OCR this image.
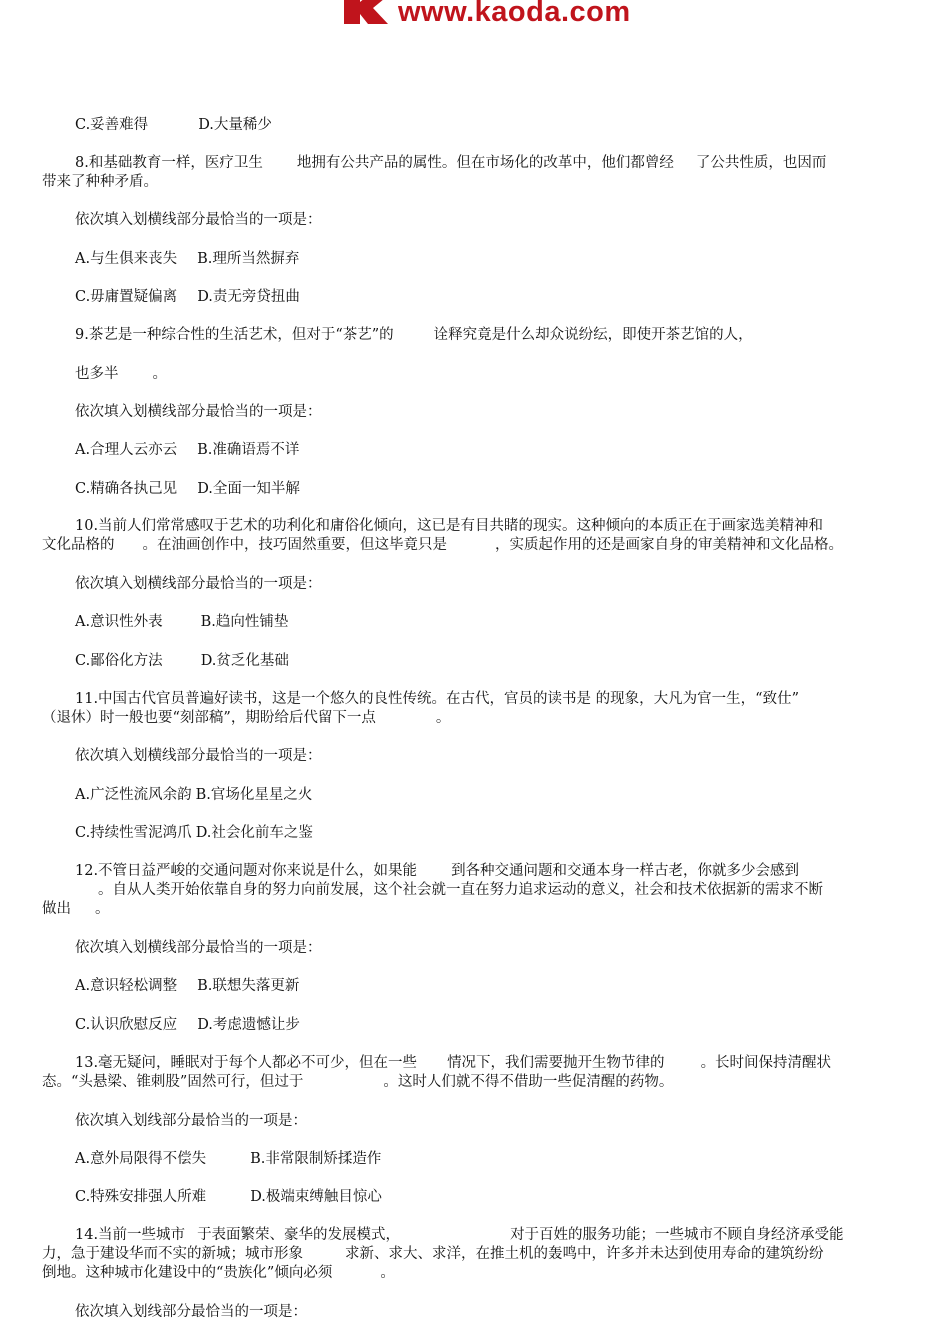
www.kaoda.com
C.妥善难得	D.大量稀少
8.和基础教育一样，医疗卫生 地拥有公共产品的属性。但在市场化的改革中，他们都曾经 了公共性质，也因而
带来了种种矛盾。
依次填入划横线部分最恰当的一项是：
A.与生俱来丧失 B.理所当然摒弃
C.毋庸置疑偏离 D.责无旁贷扭曲
9.茶艺是一种综合性的生活艺术，但对于“茶艺”的	诠释究竟是什么却众说纷纭，即使开茶艺馆的人，
也多半 。
依次填入划横线部分最恰当的一项是：
A.合理人云亦云 B.准确语焉不详
C.精确各执己见 D.全面一知半解
10.当前人们常常感叹于艺术的功利化和庸俗化倾向，这已是有目共睹的现实。这种倾向的本质正在于画家选美精神和
文化品格的 。在油画创作中，技巧固然重要，但这毕竟只是	，实质起作用的还是画家自身的审美精神和文化品格。
依次填入划横线部分最恰当的一项是：
A.意识性外表	B.趋向性铺垫
C.鄙俗化方法	D.贫乏化基础
11.中国古代官员普遍好读书，这是一个悠久的良性传统。在古代，官员的读书是 的现象，大凡为官一生，“致仕”
（退休）时一般也要“刻部稿”，期盼给后代留下一点	。
依次填入划横线部分最恰当的一项是：
A.广泛性流风余韵 B.官场化星星之火
C.持续性雪泥鸿爪 D.社会化前车之鉴
12.不管日益严峻的交通问题对你来说是什么，如果能 到各种交通问题和交通本身一样古老，你就多少会感到
。自从人类开始依靠自身的努力向前发展，这个社会就一直在努力追求运动的意义，社会和技术依据新的需求不断
做出 。
依次填入划横线部分最恰当的一项是：
A.意识轻松调整 B.联想失落更新
C.认识欣慰反应 D.考虑遗憾让步
13.毫无疑问，睡眠对于每个人都必不可少，但在一些 情况下，我们需要抛开生物节律的 。长时间保持清醒状
态。“头悬梁、锥刺股”固然可行，但过于	。这时人们就不得不借助一些促清醒的药物。
依次填入划线部分最恰当的一项是：
A.意外局限得不偿失	B.非常限制矫揉造作
C.特殊安排强人所难	D.极端束缚触目惊心
14.当前一些城市 于表面繁荣、豪华的发展模式，	对于百姓的服务功能；一些城市不顾自身经济承受能
力，急于建设华而不实的新城；城市形象	求新、求大、求洋，在推土机的轰鸣中，许多并未达到使用寿命的建筑纷纷
倒地。这种城市化建设中的“贵族化”倾向必须	。
依次填入划线部分最恰当的一项是：
